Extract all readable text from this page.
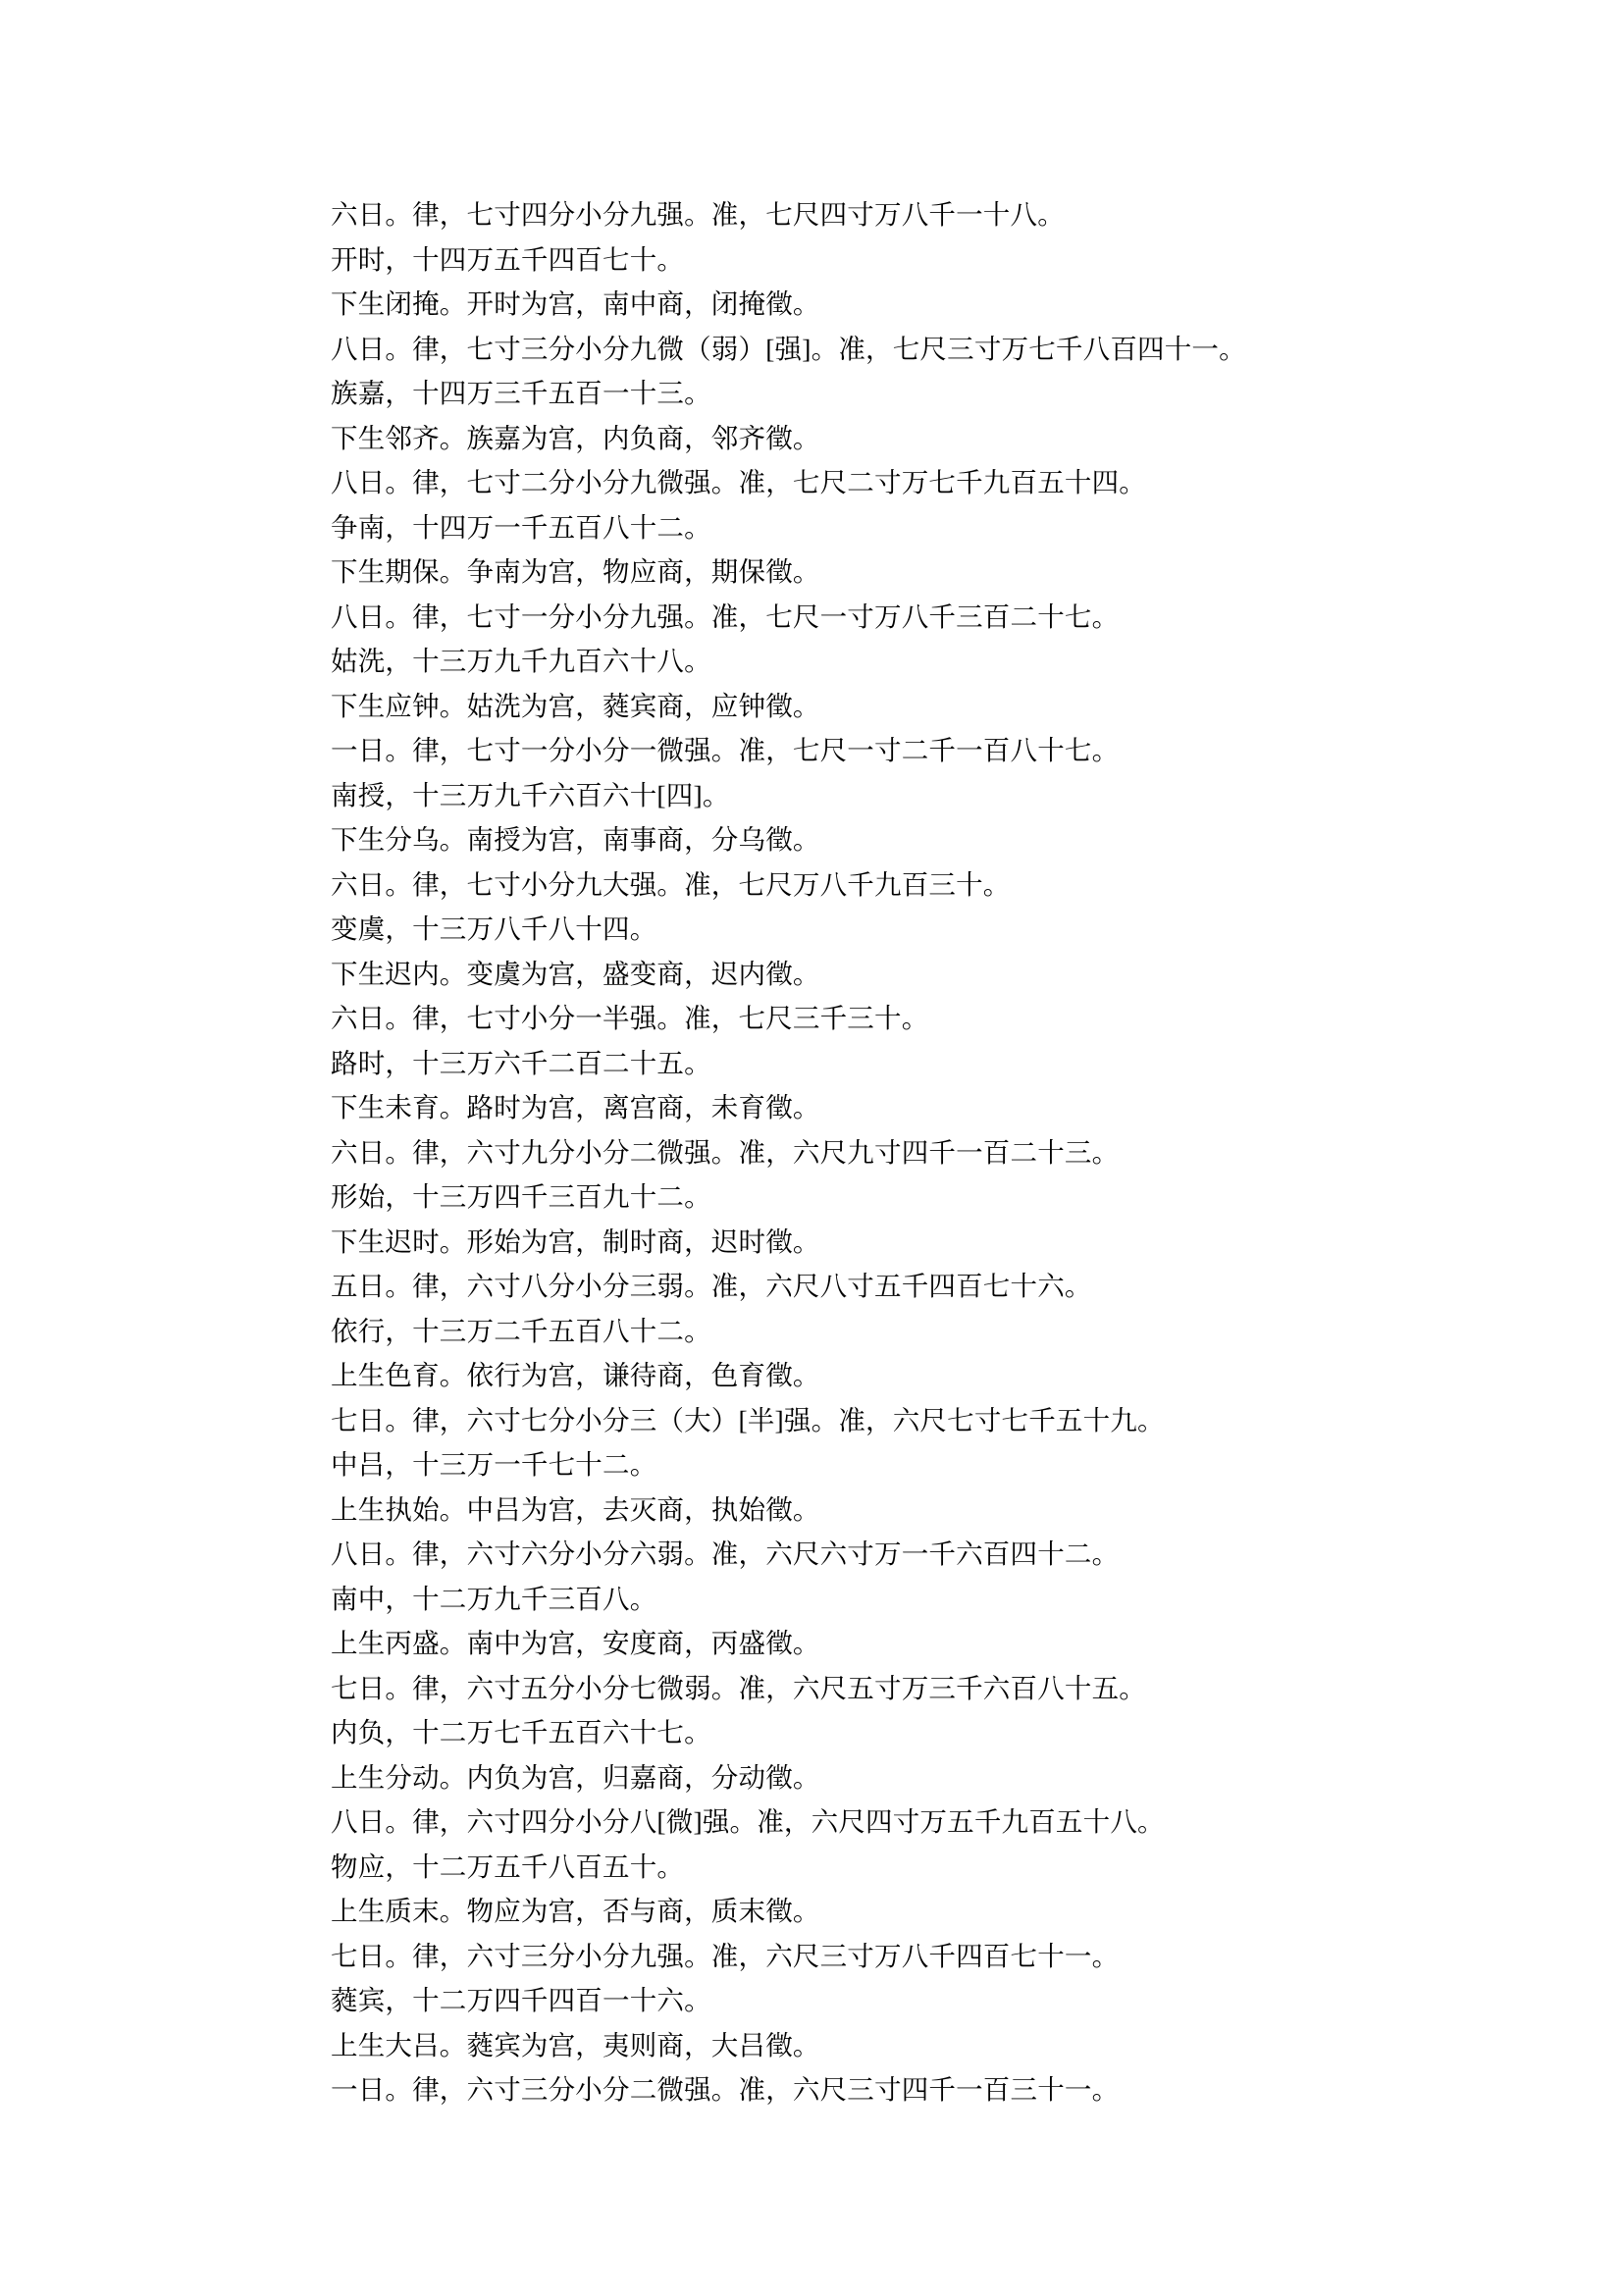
六日。律，七寸四分小分九强。准，七尺四寸万八千一十八。

开时，十四万五千四百七十。

下生闭掩。开时为宫，南中商，闭掩徵。

八日。律，七寸三分小分九微（弱）[强]。准，七尺三寸万七千八百四十一。

族嘉，十四万三千五百一十三。

下生邻齐。族嘉为宫，内负商，邻齐徵。

八日。律，七寸二分小分九微强。准，七尺二寸万七千九百五十四。

争南，十四万一千五百八十二。

下生期保。争南为宫，物应商，期保徵。

八日。律，七寸一分小分九强。准，七尺一寸万八千三百二十七。

姑洗，十三万九千九百六十八。

下生应钟。姑洗为宫，蕤宾商，应钟徵。

一日。律，七寸一分小分一微强。准，七尺一寸二千一百八十七。

南授，十三万九千六百六十[四]。

下生分乌。南授为宫，南事商，分乌徵。

六日。律，七寸小分九大强。准，七尺万八千九百三十。

变虞，十三万八千八十四。

下生迟内。变虞为宫，盛变商，迟内徵。

六日。律，七寸小分一半强。准，七尺三千三十。

路时，十三万六千二百二十五。

下生未育。路时为宫，离宫商，未育徵。

六日。律，六寸九分小分二微强。准，六尺九寸四千一百二十三。

形始，十三万四千三百九十二。

下生迟时。形始为宫，制时商，迟时徵。

五日。律，六寸八分小分三弱。准，六尺八寸五千四百七十六。

依行，十三万二千五百八十二。

上生色育。依行为宫，谦待商，色育徵。

七日。律，六寸七分小分三（大）[半]强。准，六尺七寸七千五十九。

中吕，十三万一千七十二。

上生执始。中吕为宫，去灭商，执始徵。

八日。律，六寸六分小分六弱。准，六尺六寸万一千六百四十二。

南中，十二万九千三百八。

上生丙盛。南中为宫，安度商，丙盛徵。

七日。律，六寸五分小分七微弱。准，六尺五寸万三千六百八十五。

内负，十二万七千五百六十七。

上生分动。内负为宫，归嘉商，分动徵。

八日。律，六寸四分小分八[微]强。准，六尺四寸万五千九百五十八。

物应，十二万五千八百五十。

上生质末。物应为宫，否与商，质末徵。

七日。律，六寸三分小分九强。准，六尺三寸万八千四百七十一。

蕤宾，十二万四千四百一十六。

上生大吕。蕤宾为宫，夷则商，大吕徵。

一日。律，六寸三分小分二微强。准，六尺三寸四千一百三十一。
